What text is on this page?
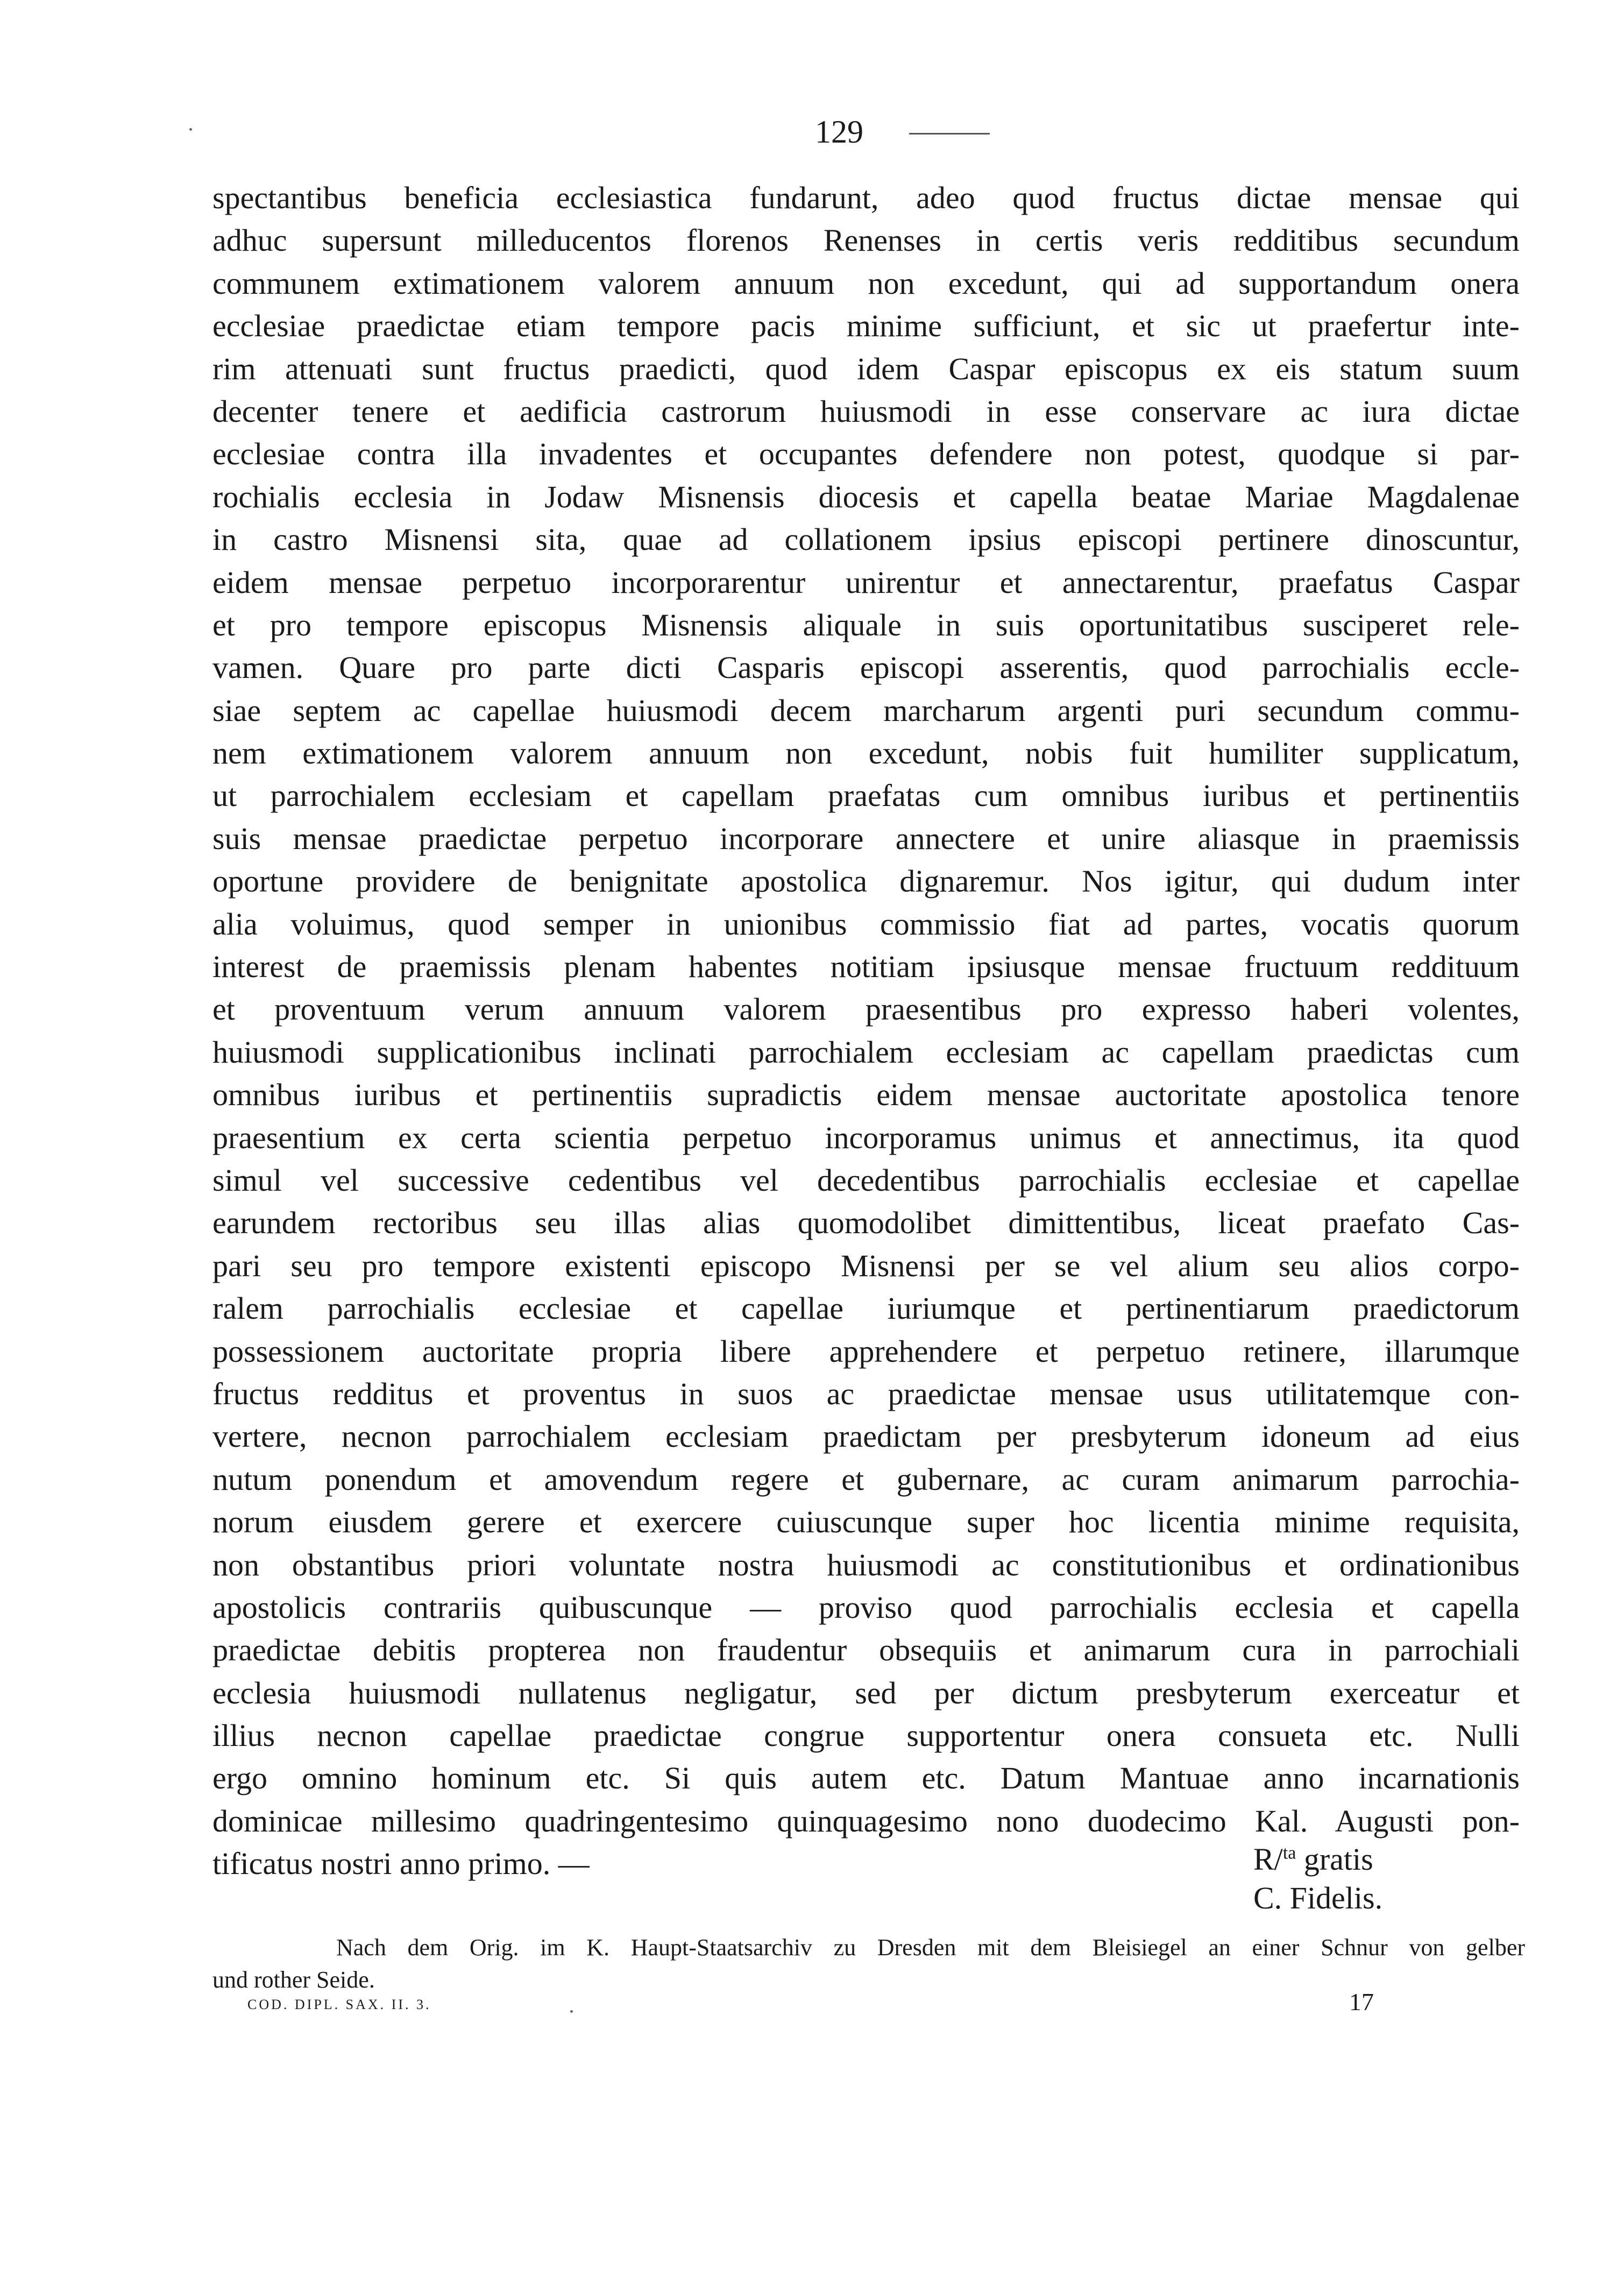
129
spectantibus beneficia ecclesiastica fundarunt, adeo quod fructus dictae mensae qui
adhuc supersunt milleducentos florenos Renenses in certis veris redditibus secundum
communem extimationem valorem annuum non excedunt, qui ad supportandum onera
ecclesiae praedictae etiam tempore pacis minime sufficiunt, et sic ut praefertur inte-
rim attenuati sunt fructus praedicti, quod idem Caspar episcopus ex eis statum suum
decenter tenere et aedificia castrorum huiusmodi in esse conservare ac iura dictae
ecclesiae contra illa invadentes et occupantes defendere non potest, quodque si par-
rochialis ecclesia in Jodaw Misnensis diocesis et capella beatae Mariae Magdalenae
in castro Misnensi sita, quae ad collationem ipsius episcopi pertinere dinoscuntur,
eidem mensae perpetuo incorporarentur unirentur et annectarentur, praefatus Caspar
et pro tempore episcopus Misnensis aliquale in suis oportunitatibus susciperet rele-
vamen. Quare pro parte dicti Casparis episcopi asserentis, quod parrochialis eccle-
siae septem ac capellae huiusmodi decem marcharum argenti puri secundum commu-
nem extimationem valorem annuum non excedunt, nobis fuit humiliter supplicatum,
ut parrochialem ecclesiam et capellam praefatas cum omnibus iuribus et pertinentiis
suis mensae praedictae perpetuo incorporare annectere et unire aliasque in praemissis
oportune providere de benignitate apostolica dignaremur. Nos igitur, qui dudum inter
alia voluimus, quod semper in unionibus commissio fiat ad partes, vocatis quorum
interest de praemissis plenam habentes notitiam ipsiusque mensae fructuum reddituum
et proventuum verum annuum valorem praesentibus pro expresso haberi volentes,
huiusmodi supplicationibus inclinati parrochialem ecclesiam ac capellam praedictas cum
omnibus iuribus et pertinentiis supradictis eidem mensae auctoritate apostolica tenore
praesentium ex certa scientia perpetuo incorporamus unimus et annectimus, ita quod
simul vel successive cedentibus vel decedentibus parrochialis ecclesiae et capellae
earundem rectoribus seu illas alias quomodolibet dimittentibus, liceat praefato Cas-
pari seu pro tempore existenti episcopo Misnensi per se vel alium seu alios corpo-
ralem parrochialis ecclesiae et capellae iuriumque et pertinentiarum praedictorum
possessionem auctoritate propria libere apprehendere et perpetuo retinere, illarumque
fructus redditus et proventus in suos ac praedictae mensae usus utilitatemque con-
vertere, necnon parrochialem ecclesiam praedictam per presbyterum idoneum ad eius
nutum ponendum et amovendum regere et gubernare, ac curam animarum parrochia-
norum eiusdem gerere et exercere cuiuscunque super hoc licentia minime requisita,
non obstantibus priori voluntate nostra huiusmodi ac constitutionibus et ordinationibus
apostolicis contrariis quibuscunque — proviso quod parrochialis ecclesia et capella
praedictae debitis propterea non fraudentur obsequiis et animarum cura in parrochiali
ecclesia huiusmodi nullatenus negligatur, sed per dictum presbyterum exerceatur et
illius necnon capellae praedictae congrue supportentur onera consueta etc. Nulli
ergo omnino hominum etc. Si quis autem etc. Datum Mantuae anno incarnationis
dominicae millesimo quadringentesimo quinquagesimo nono duodecimo Kal. Augusti pon-
tificatus nostri anno primo. —	R/$^{ta}$ gratis
C. Fidelis.
Nach dem Orig. im K. Haupt-Staatsarchiv zu Dresden mit dem Bleisiegel an einer Schnur von gelber
und rother Seide.
COD. DIPL. SAX. II. 3.	17
